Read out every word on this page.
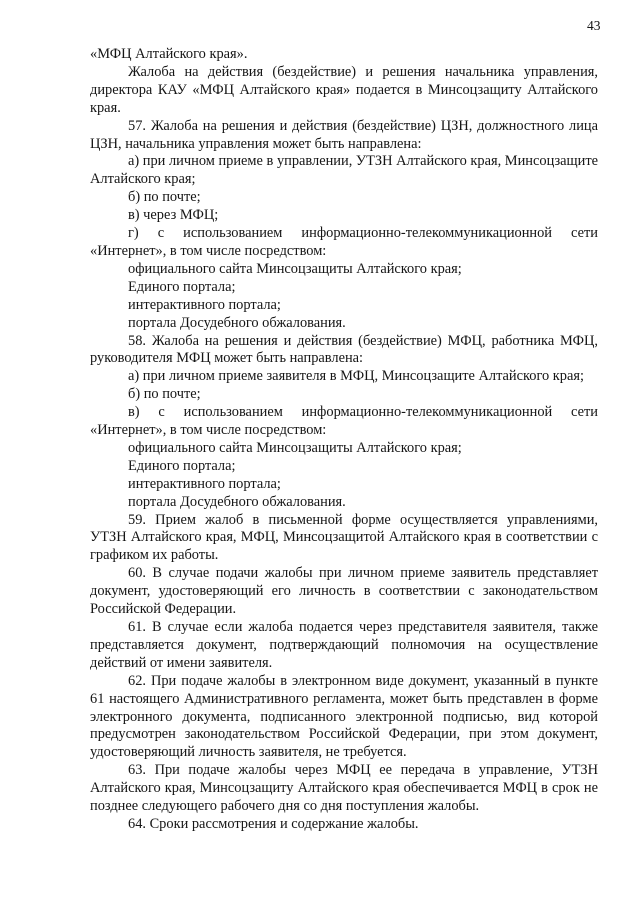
43

«МФЦ Алтайского края».

Жалоба на действия (бездействие) и решения начальника управления, директора КАУ «МФЦ Алтайского края» подается в Минсоцзащиту Алтайского края.

57. Жалоба на решения и действия (бездействие) ЦЗН, должностного лица ЦЗН, начальника управления может быть направлена:

а) при личном приеме в управлении, УТЗН Алтайского края, Минсоцзащите Алтайского края;

б) по почте;

в) через МФЦ;

г) с использованием информационно-телекоммуникационной сети «Интернет», в том числе посредством:

официального сайта Минсоцзащиты Алтайского края;

Единого портала;

интерактивного портала;

портала Досудебного обжалования.

58. Жалоба на решения и действия (бездействие) МФЦ, работника МФЦ, руководителя МФЦ может быть направлена:

а) при личном приеме заявителя в МФЦ, Минсоцзащите Алтайского края;

б) по почте;

в) с использованием информационно-телекоммуникационной сети «Интернет», в том числе посредством:

официального сайта Минсоцзащиты Алтайского края;

Единого портала;

интерактивного портала;

портала Досудебного обжалования.

59. Прием жалоб в письменной форме осуществляется управлениями, УТЗН Алтайского края, МФЦ, Минсоцзащитой Алтайского края в соответствии с графиком их работы.

60. В случае подачи жалобы при личном приеме заявитель представляет документ, удостоверяющий его личность в соответствии с законодательством Российской Федерации.

61. В случае если жалоба подается через представителя заявителя, также представляется документ, подтверждающий полномочия на осуществление действий от имени заявителя.

62. При подаче жалобы в электронном виде документ, указанный в пункте 61 настоящего Административного регламента, может быть представлен в форме электронного документа, подписанного электронной подписью, вид которой предусмотрен законодательством Российской Федерации, при этом документ, удостоверяющий личность заявителя, не требуется.

63. При подаче жалобы через МФЦ ее передача в управление, УТЗН Алтайского края, Минсоцзащиту Алтайского края обеспечивается МФЦ в срок не позднее следующего рабочего дня со дня поступления жалобы.

64. Сроки рассмотрения и содержание жалобы.
